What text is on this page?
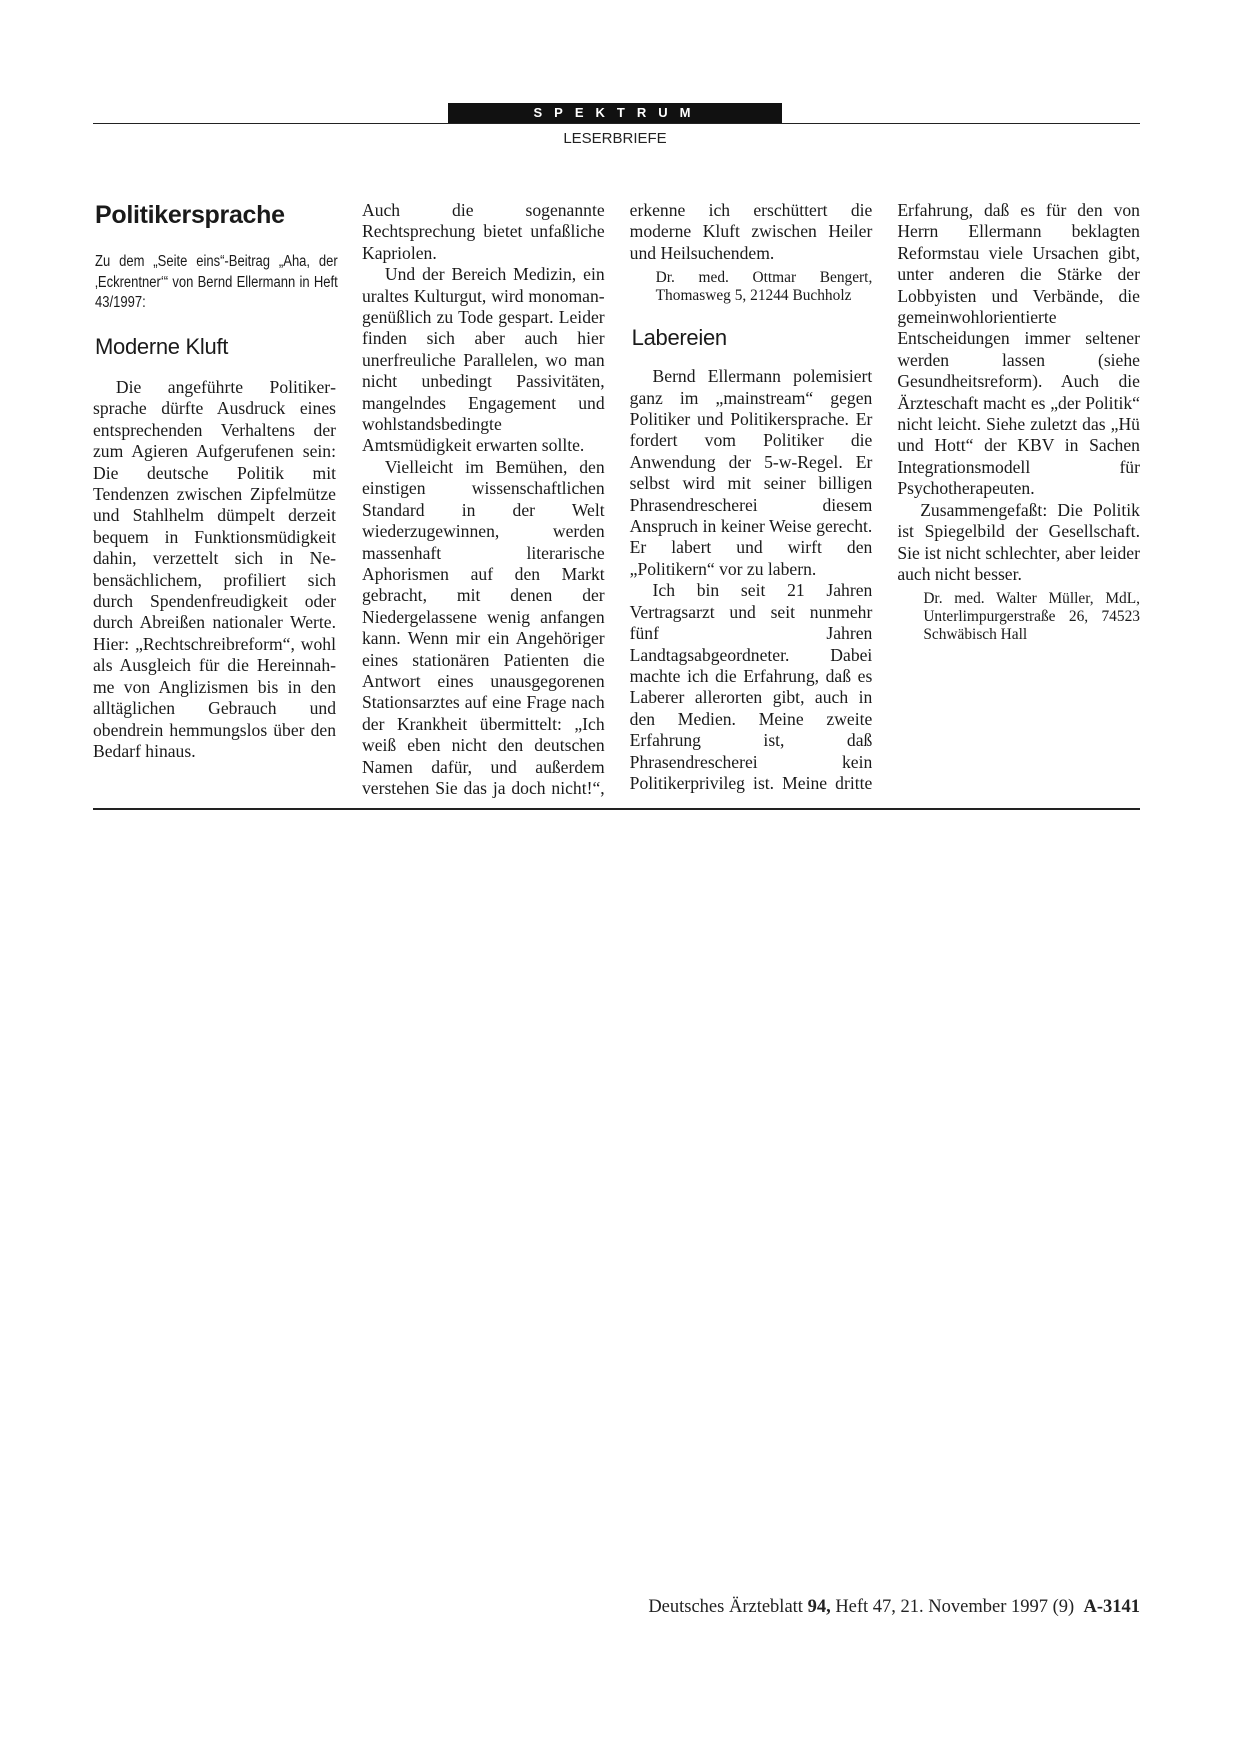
SPEKTRUM
LESERBRIEFE
Politikersprache
Zu dem „Seite eins“-Beitrag „Aha, der ‚Eckrentner‘“ von Bernd Ellermann in Heft 43/1997:
Moderne Kluft

Die angeführte Politikersprache dürfte Ausdruck eines entsprechenden Verhaltens der zum Agieren Aufgerufenen sein: Die deutsche Politik mit Tendenzen zwischen Zipfelmütze und Stahlhelm dümpelt derzeit bequem in Funktionsmüdigkeit dahin, verzettelt sich in Nebensächlichem, profiliert sich durch Spendenfreudigkeit oder durch Abreißen nationaler Werte. Hier: „Rechtschreibreform“, wohl als Ausgleich für die Hereinnahme von Anglizismen bis in den alltäglichen Gebrauch und obendrein hemmungslos über den Bedarf hinaus.

Auch die sogenannte Rechtsprechung bietet unfaßliche Kapriolen.

Und der Bereich Medizin, ein uraltes Kulturgut, wird monoman-genüßlich zu Tode gespart. Leider finden sich aber auch hier unerfreuliche Parallelen, wo man nicht unbedingt Passivitäten, mangelndes Engagement und wohlstandsbedingte Amtsmüdigkeit erwarten sollte.

Vielleicht im Bemühen, den einstigen wissenschaftlichen Standard in der Welt wiederzugewinnen, werden massenhaft literarische Aphorismen auf den Markt gebracht, mit denen der Niedergelassene wenig anfangen kann. Wenn mir ein Angehöriger eines stationären Patienten die Antwort eines unausgegorenen Stationsarztes auf eine Frage nach der Krankheit übermittelt: „Ich weiß eben nicht den deutschen Namen dafür, und außerdem verstehen Sie das ja doch nicht!“, erkenne ich erschüttert die moderne Kluft zwischen Heiler und Heilsuchendem.

Dr. med. Ottmar Bengert, Thomasweg 5, 21244 Buchholz
Labereien

Bernd Ellermann polemisiert ganz im „mainstream“ gegen Politiker und Politikersprache. Er fordert vom Politiker die Anwendung der 5-w-Regel. Er selbst wird mit seiner billigen Phrasendrescherei diesem Anspruch in keiner Weise gerecht. Er labert und wirft den „Politikern“ vor zu labern.

Ich bin seit 21 Jahren Vertragsarzt und seit nunmehr fünf Jahren Landtagsabgeordneter. Dabei machte ich die Erfahrung, daß es Laberer allerorten gibt, auch in den Medien. Meine zweite Erfahrung ist, daß Phrasendrescherei kein Politikerprivileg ist. Meine dritte Erfahrung, daß es für den von Herrn Ellermann beklagten Reformstau viele Ursachen gibt, unter anderen die Stärke der Lobbyisten und Verbände, die gemeinwohlorientierte Entscheidungen immer seltener werden lassen (siehe Gesundheitsreform). Auch die Ärzteschaft macht es „der Politik“ nicht leicht. Siehe zuletzt das „Hü und Hott“ der KBV in Sachen Integrationsmodell für Psychotherapeuten.

Zusammengefaßt: Die Politik ist Spiegelbild der Gesellschaft. Sie ist nicht schlechter, aber leider auch nicht besser.

Dr. med. Walter Müller, MdL, Unterlimpurgerstraße 26, 74523 Schwäbisch Hall
Deutsches Ärzteblatt 94, Heft 47, 21. November 1997 (9) A-3141
